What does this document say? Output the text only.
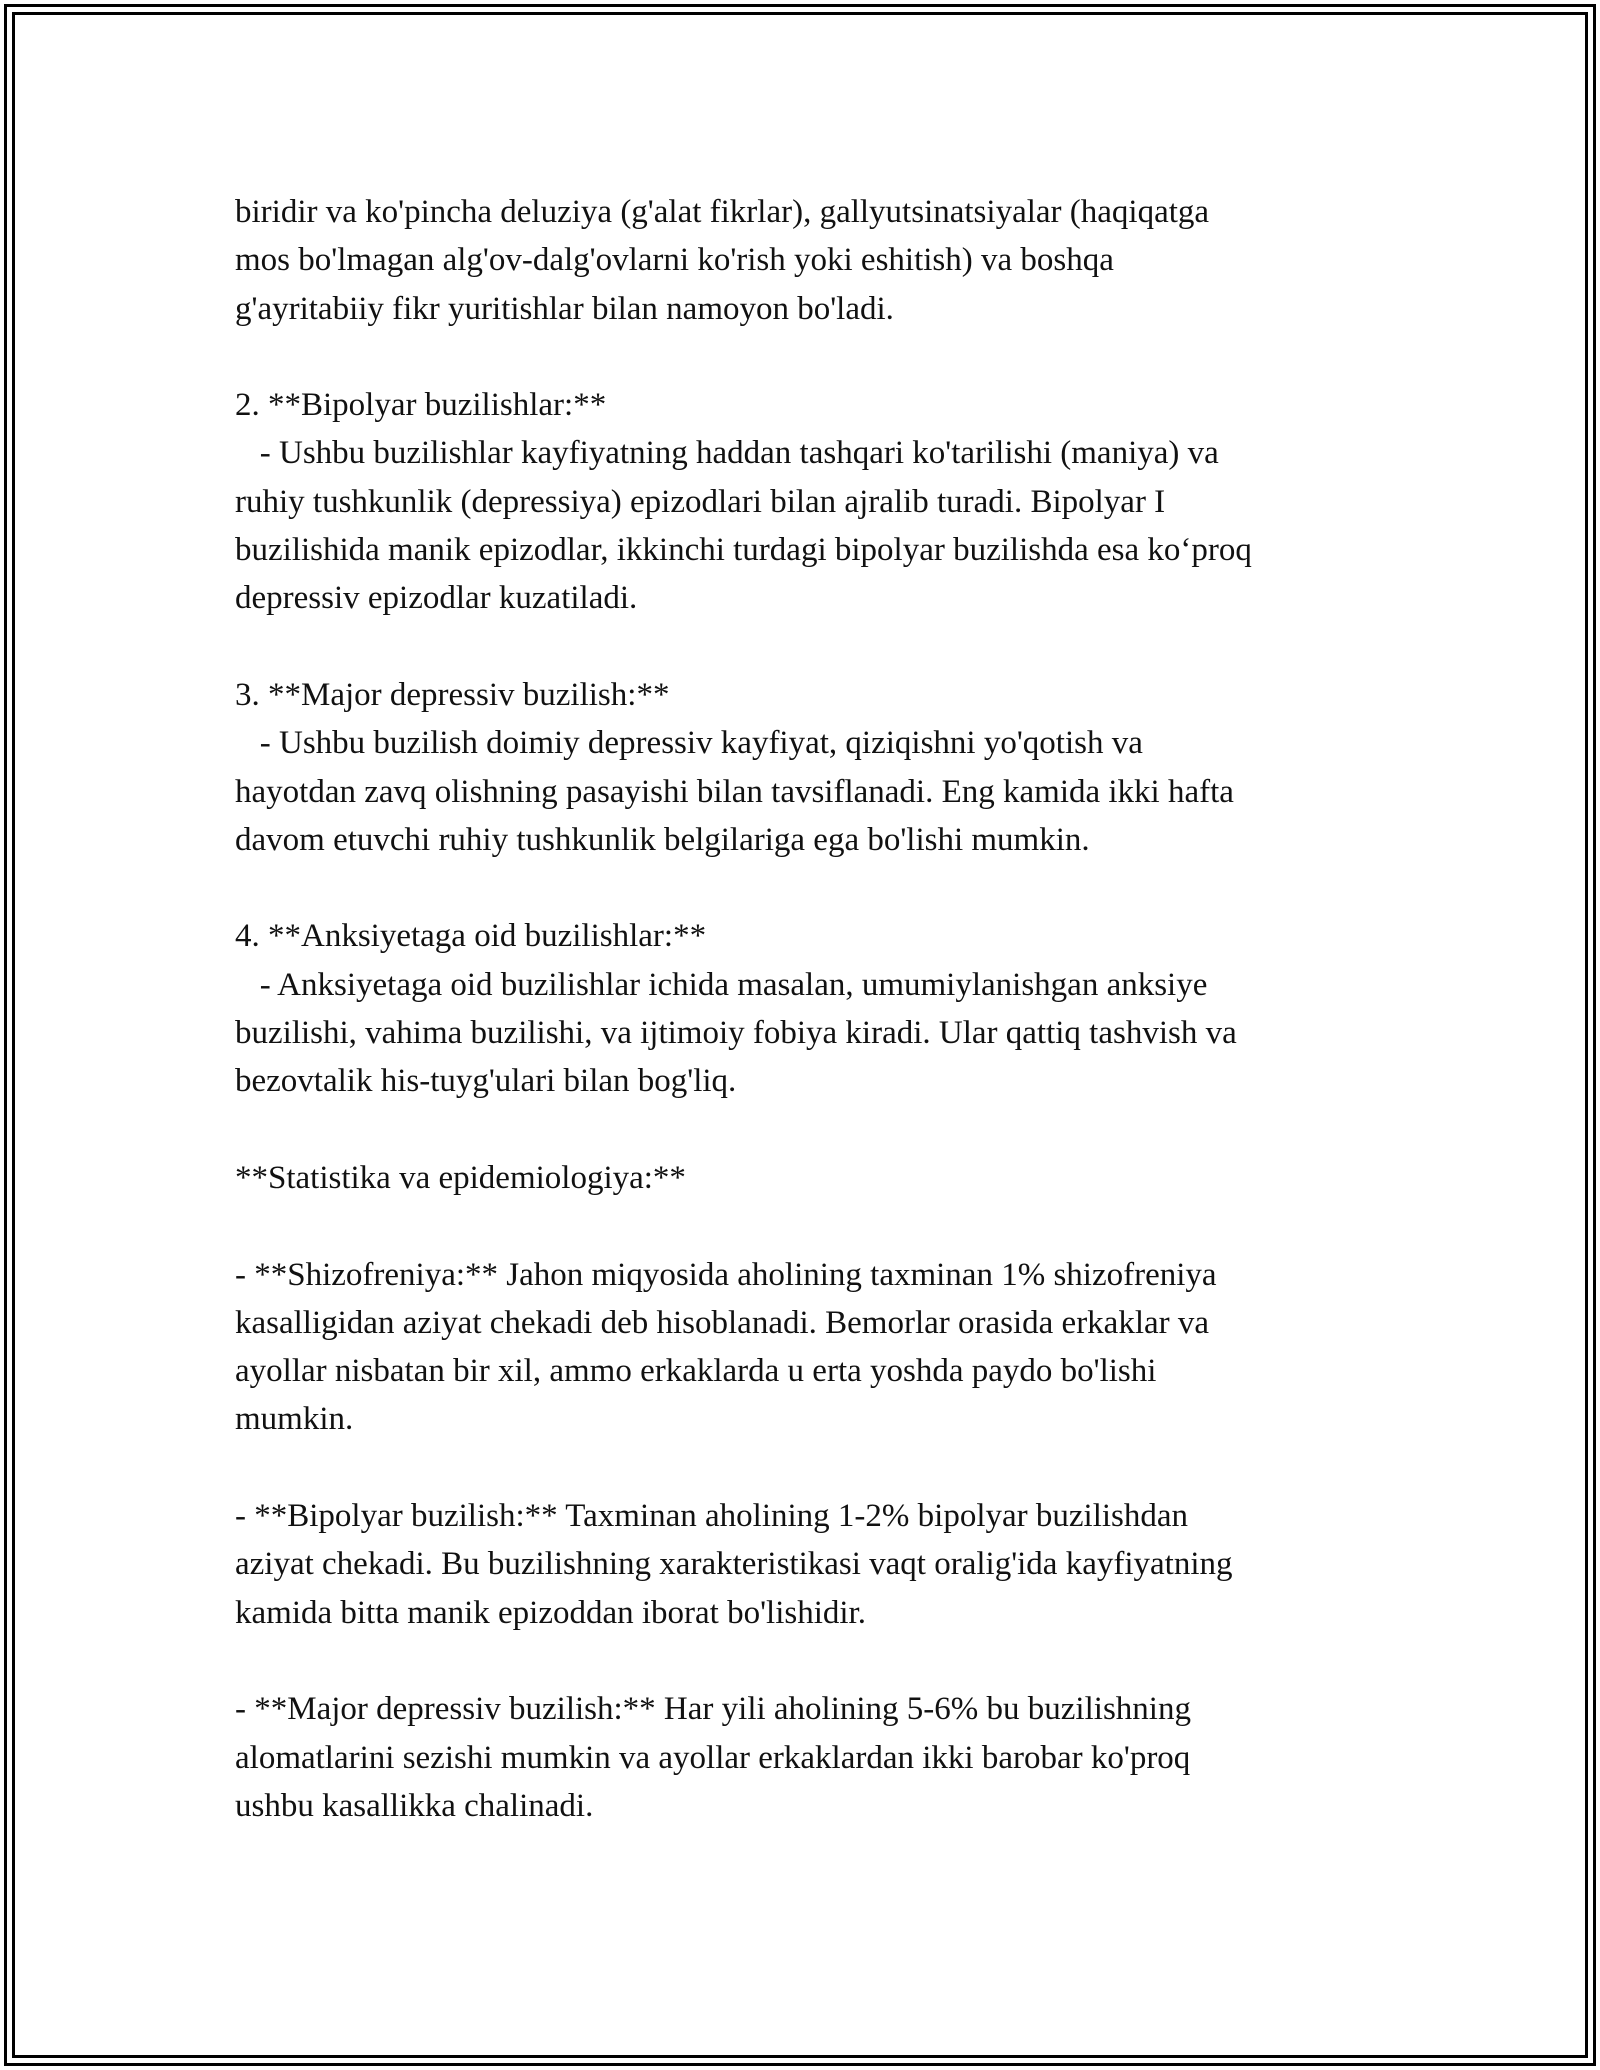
biridir va ko'pincha deluziya (g'alat fikrlar), gallyutsinatsiyalar (haqiqatga
mos bo'lmagan alg'ov-dalg'ovlarni ko'rish yoki eshitish) va boshqa
g'ayritabiiy fikr yuritishlar bilan namoyon bo'ladi.

2. **Bipolyar buzilishlar:**
- Ushbu buzilishlar kayfiyatning haddan tashqari ko'tarilishi (maniya) va
ruhiy tushkunlik (depressiya) epizodlari bilan ajralib turadi. Bipolyar I
buzilishida manik epizodlar, ikkinchi turdagi bipolyar buzilishda esa ko‘proq
depressiv epizodlar kuzatiladi.

3. **Major depressiv buzilish:**
- Ushbu buzilish doimiy depressiv kayfiyat, qiziqishni yo'qotish va
hayotdan zavq olishning pasayishi bilan tavsiflanadi. Eng kamida ikki hafta
davom etuvchi ruhiy tushkunlik belgilariga ega bo'lishi mumkin.

4. **Anksiyetaga oid buzilishlar:**
- Anksiyetaga oid buzilishlar ichida masalan, umumiylanishgan anksiye
buzilishi, vahima buzilishi, va ijtimoiy fobiya kiradi. Ular qattiq tashvish va
bezovtalik his-tuyg'ulari bilan bog'liq.

**Statistika va epidemiologiya:**

- **Shizofreniya:** Jahon miqyosida aholining taxminan 1% shizofreniya
kasalligidan aziyat chekadi deb hisoblanadi. Bemorlar orasida erkaklar va
ayollar nisbatan bir xil, ammo erkaklarda u erta yoshda paydo bo'lishi
mumkin.

- **Bipolyar buzilish:** Taxminan aholining 1-2% bipolyar buzilishdan
aziyat chekadi. Bu buzilishning xarakteristikasi vaqt oralig'ida kayfiyatning
kamida bitta manik epizoddan iborat bo'lishidir.

- **Major depressiv buzilish:** Har yili aholining 5-6% bu buzilishning
alomatlarini sezishi mumkin va ayollar erkaklardan ikki barobar ko'proq
ushbu kasallikka chalinadi.
